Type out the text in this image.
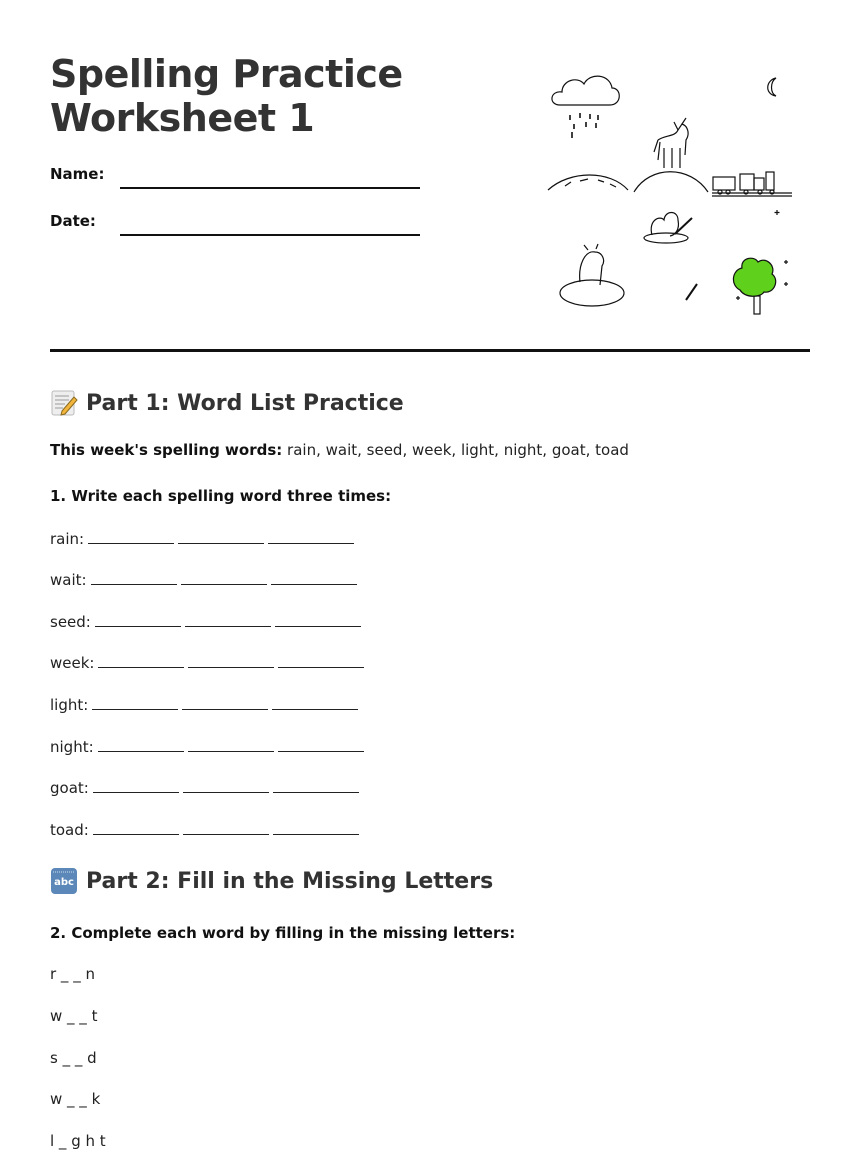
Spelling Practice
Worksheet 1
Name:
Date:
Part 1: Word List Practice
This week's spelling words: rain, wait, seed, week, light, night, goat, toad
1. Write each spelling word three times:
rain:
wait:
seed:
week:
light:
night:
goat:
toad:
abc Part 2: Fill in the Missing Letters
2. Complete each word by filling in the missing letters:
r _ _ n
w _ _ t
s _ _ d
w _ _ k
l _ g h t
